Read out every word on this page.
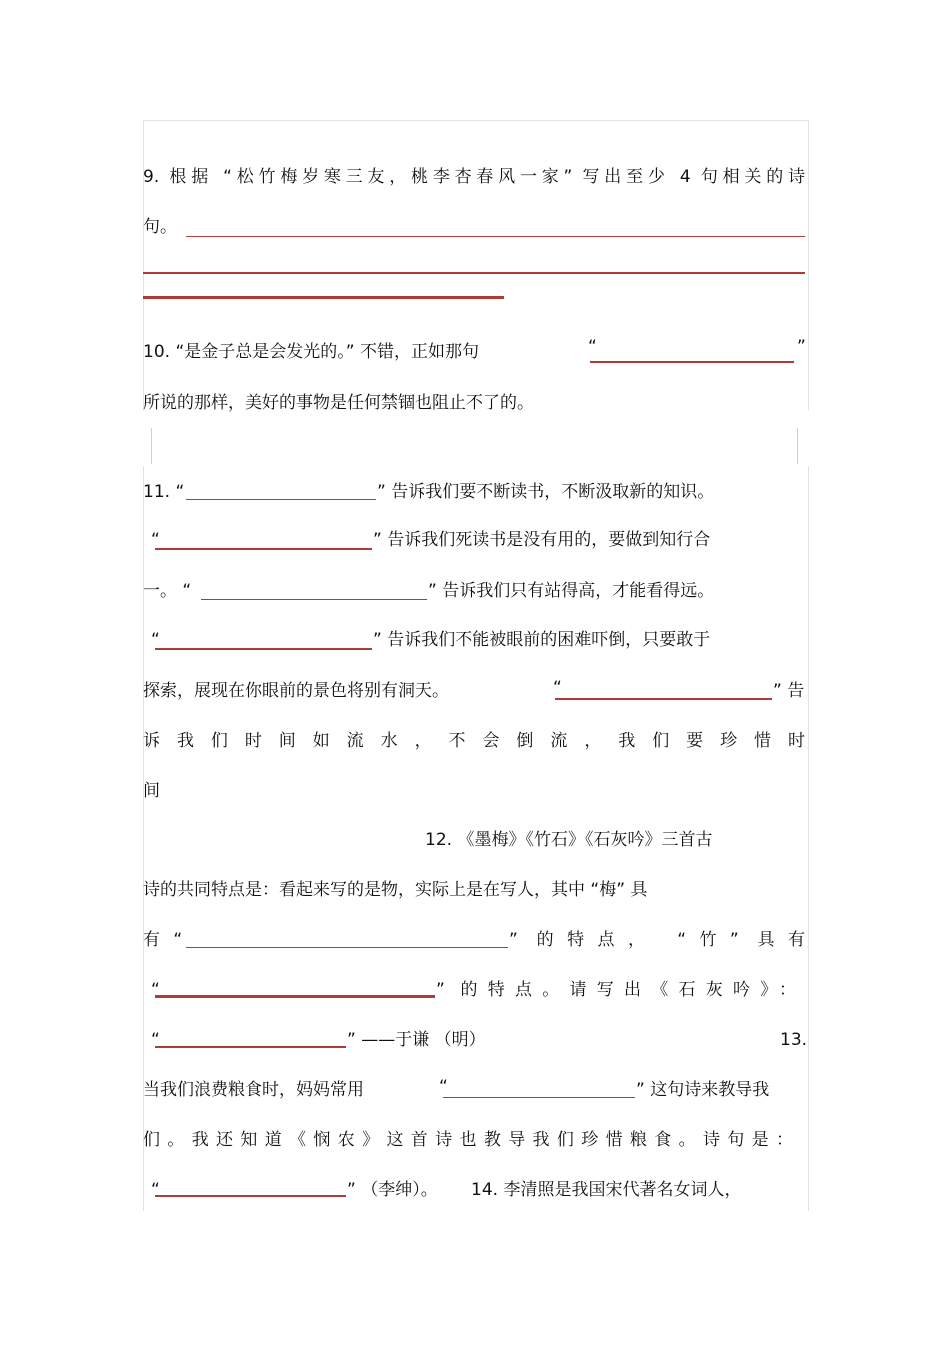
9. 根据 “松竹梅岁寒三友，桃李杏春风一家” 写出至少 4 句相关的诗
句。
10. “是金子总是会发光的。” 不错，正如那句	“	”
所说的那样，美好的事物是任何禁锢也阻止不了的。
11. “	” 告诉我们要不断读书，不断汲取新的知识。
“	” 告诉我们死读书是没有用的，要做到知行合
一。 “	” 告诉我们只有站得高，才能看得远。
“	” 告诉我们不能被眼前的困难吓倒，只要敢于
探索，展现在你眼前的景色将别有洞天。	“	” 告
诉我们时间如流水，不会倒流，我们要珍惜时
间
12. 《墨梅》《竹石》《石灰吟》三首古
诗的共同特点是：看起来写的是物，实际上是在写人，其中 “梅” 具
有 “	” 的特点， “竹” 具有
“	” 的特点。请写出《石灰吟》：
“	” ——于谦 （明）	13.
当我们浪费粮食时，妈妈常用	“	” 这句诗来教导我
们。我还知道《悯农》这首诗也教导我们珍惜粮食。诗句是：
“	” （李绅）。 14. 李清照是我国宋代著名女词人，
